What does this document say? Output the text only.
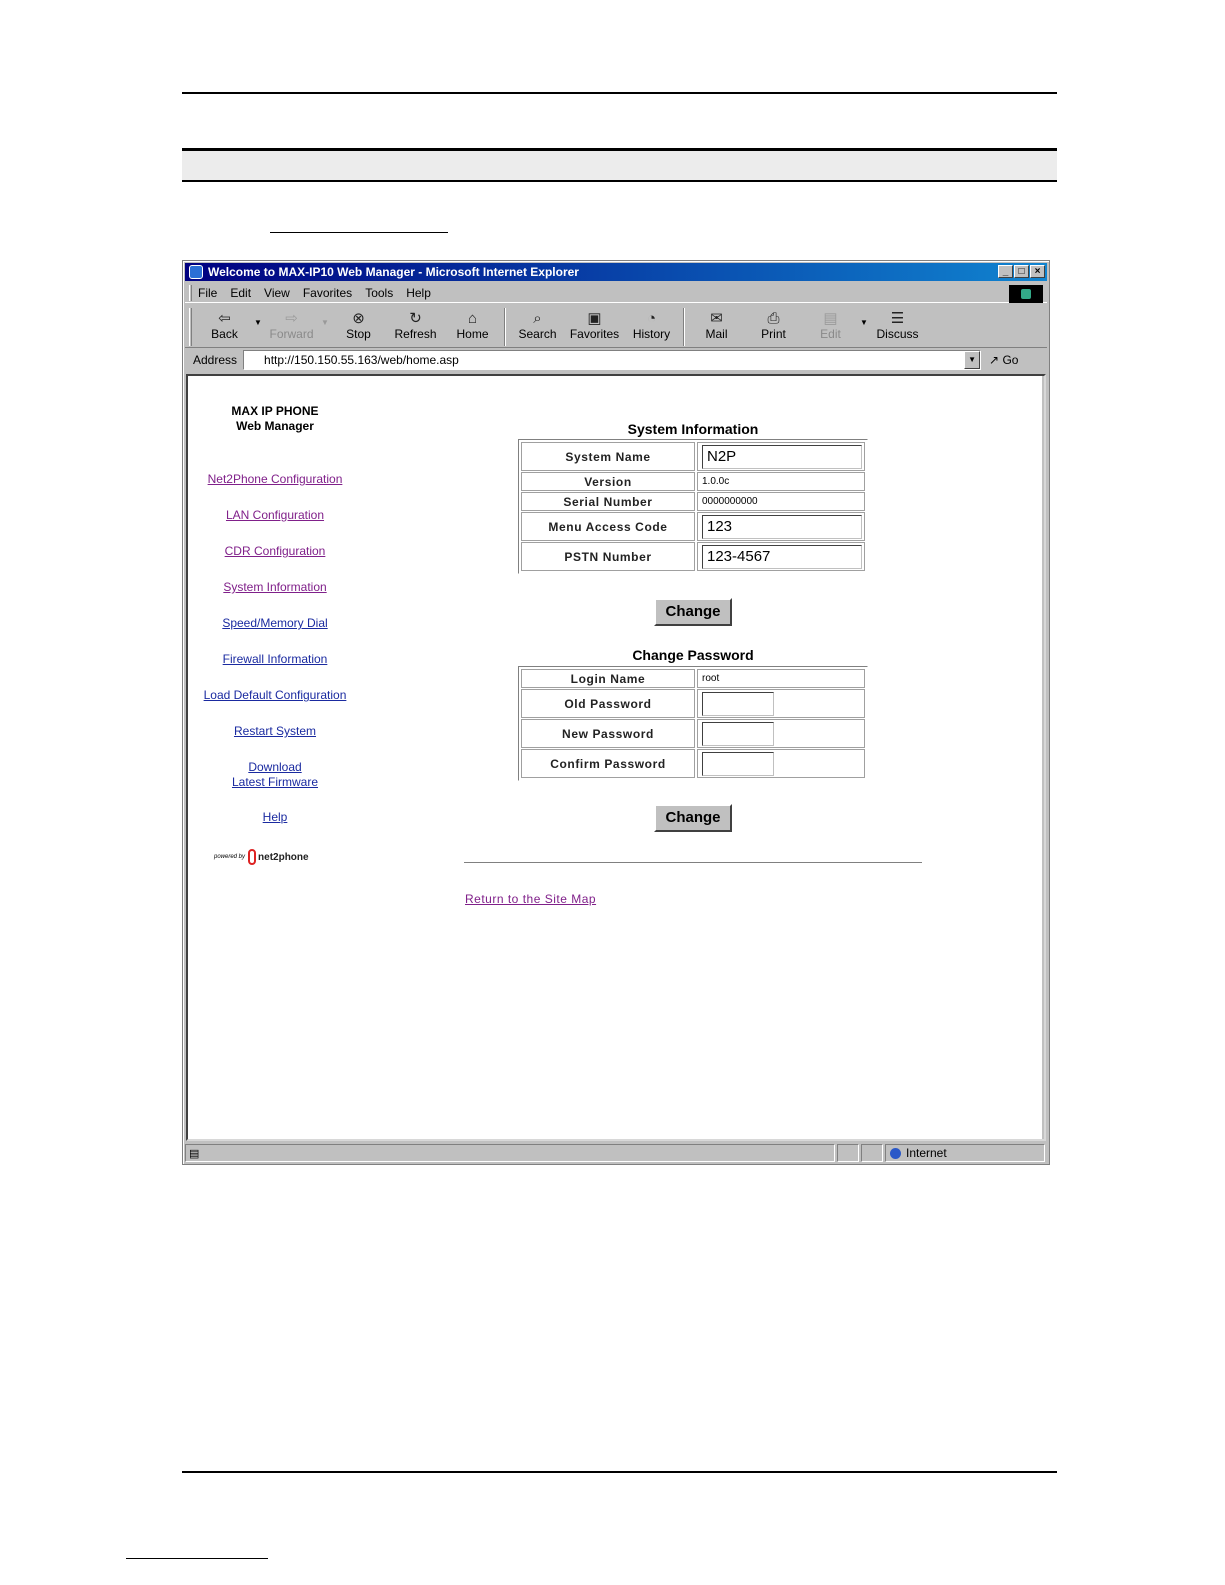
Welcome to MAX-IP10 Web Manager - Microsoft Internet Explorer	_	□	×
File Edit View Favorites Tools Help
⇦
Back
▼ ⇨
Forward
▼ ⊗
Stop
↻
Refresh
⌂
Home
⌕
Search
▣
Favorites
◔
History
✉
Mail
⎙
Print
▤
Edit
▼ ☰
Discuss
Address	http://150.150.55.163/web/home.asp	▼	↗ Go
MAX IP PHONE
Web Manager
Net2Phone Configuration
LAN Configuration
CDR Configuration
System Information
Speed/Memory Dial
Firewall Information
Load Default Configuration
Restart System
Download
Latest Firmware
Help
powered by net2phone
System Information
System Name	N2P
Version	1.0.0c
Serial Number	0000000000
Menu Access Code	123
PSTN Number	123-4567
Change
Change Password
Login Name	root
Old Password
New Password
Confirm Password
Change
Return to the Site Map
▤	Internet
